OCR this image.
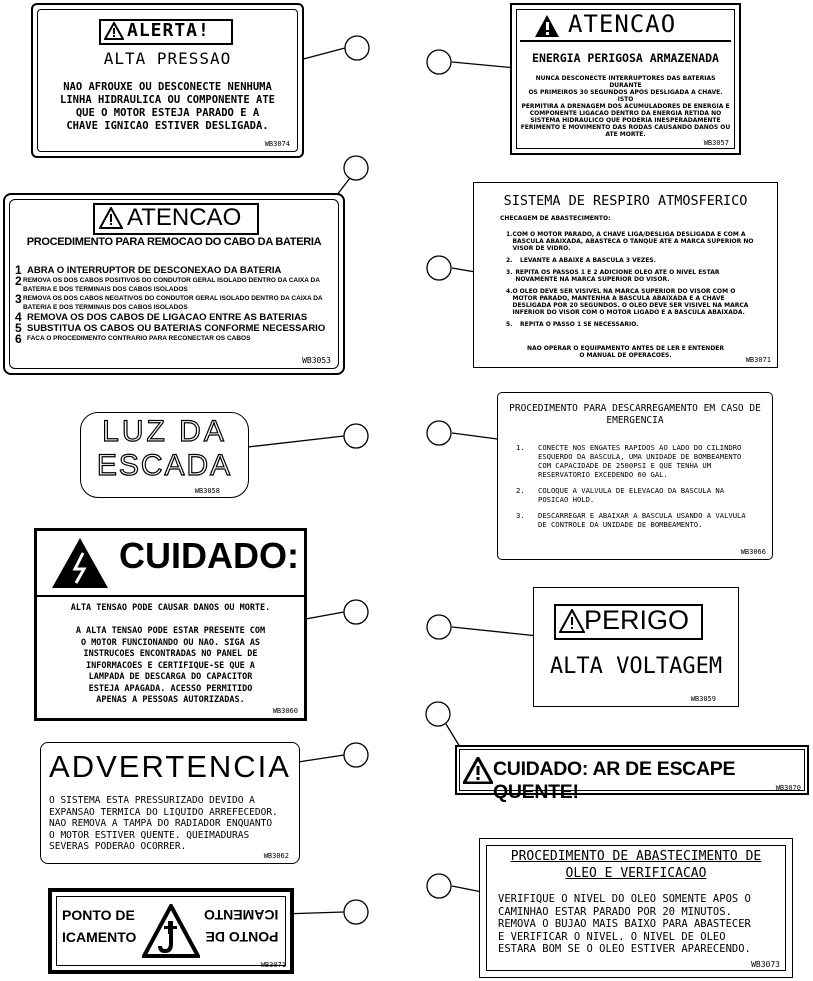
ALERTA!
ALTA PRESSAO
NAO AFROUXE OU DESCONECTE NENHUMA
LINHA HIDRAULICA OU COMPONENTE ATE
QUE O MOTOR ESTEJA PARADO E A
CHAVE IGNICAO ESTIVER DESLIGADA.
WB3074
ATENCAO
ENERGIA PERIGOSA ARMAZENADA
NUNCA DESCONECTE INTERRUPTORES DAS BATERIAS DURANTE
OS PRIMEIROS 30 SEGUNDOS APOS DESLIGADA A CHAVE. ISTO
PERMITIRA A DRENAGEM DOS ACUMULADORES DE ENERGIA E
COMPONENTE LIGACAO DENTRO DA ENERGIA RETIDA NO
SISTEMA HIDRAULICO QUE PODERIA INESPERADAMENTE
FERIMENTO E MOVIMENTO DAS RODAS CAUSANDO DANOS OU
ATE MORTE.
WB3057
ATENCAO
PROCEDIMENTO PARA REMOCAO DO CABO DA BATERIA
1 ABRA O INTERRUPTOR DE DESCONEXAO DA BATERIA
2 REMOVA OS DOS CABOS POSITIVOS DO CONDUTOR GERAL ISOLADO DENTRO DA CAIXA DA BATERIA E DOS TERMINAIS DOS CABOS ISOLADOS
3 REMOVA OS DOS CABOS NEGATIVOS DO CONDUTOR GERAL ISOLADO DENTRO DA CAIXA DA BATERIA E DOS TERMINAIS DOS CABOS ISOLADOS
4 REMOVA OS DOS CABOS DE LIGACAO ENTRE AS BATERIAS
5 SUBSTITUA OS CABOS OU BATERIAS CONFORME NECESSARIO
6 FACA O PROCEDIMENTO CONTRARIO PARA RECONECTAR OS CABOS
WB3053
SISTEMA DE RESPIRO ATMOSFERICO
CHECAGEM DE ABASTECIMENTO:
1. COM O MOTOR PARADO, A CHAVE LIGA/DESLIGA DESLIGADA E COM A BASCULA ABAIXADA, ABASTECA O TANQUE ATE A MARCA SUPERIOR NO VISOR DE VIDRO.
2.	LEVANTE A ABAIXE A BASCULA 3 VEZES.
3. REPITA OS PASSOS 1 E 2 ADICIONE OLEO ATE O NIVEL ESTAR NOVAMENTE NA MARCA SUPERIOR DO VISOR.
4. O OLEO DEVE SER VISIVEL NA MARCA SUPERIOR DO VISOR COM O MOTOR PARADO, MANTENHA A BASCULA ABAIXADA E A CHAVE DESLIGADA POR 20 SEGUNDOS. O OLEO DEVE SER VISIVEL NA MARCA INFERIOR DO VISOR COM O MOTOR LIGADO E A BASCULA ABAIXADA.
5.	REPITA O PASSO 1 SE NECESSARIO.
NAO OPERAR O EQUIPAMENTO ANTES DE LER E ENTENDER O MANUAL DE OPERACOES.
WB3071
LUZ DA
ESCADA
WB3058
PROCEDIMENTO PARA DESCARREGAMENTO EM CASO DE EMERGENCIA
1.	CONECTE NOS ENGATES RAPIDOS AO LADO DO CILINDRO ESQUERDO DA BASCULA, UMA UNIDADE DE BOMBEAMENTO COM CAPACIDADE DE 2500PSI E QUE TENHA UM RESERVATORIO EXCEDENDO 60 GAL.
2.	COLOQUE A VALVULA DE ELEVACAO DA BASCULA NA POSICAO HOLD.
3.	DESCARREGAR E ABAIXAR A BASCULA USANDO A VALVULA DE CONTROLE DA UNIDADE DE BOMBEAMENTO.
WB3066
CUIDADO:
ALTA TENSAO PODE CAUSAR DANOS OU MORTE.
A ALTA TENSAO PODE ESTAR PRESENTE COM
O MOTOR FUNCIONANDO OU NAO. SIGA AS
INSTRUCOES ENCONTRADAS NO PANEL DE
INFORMACOES E CERTIFIQUE-SE QUE A
LAMPADA DE DESCARGA DO CAPACITOR
ESTEJA APAGADA. ACESSO PERMITIDO
APENAS A PESSOAS AUTORIZADAS.
WB3060
PERIGO
ALTA VOLTAGEM
WB3059
CUIDADO: AR DE ESCAPE QUENTE!	WB3070
ADVERTENCIA
O SISTEMA ESTA PRESSURIZADO DEVIDO A
EXPANSAO TERMICA DO LIQUIDO ARREFECEDOR.
NAO REMOVA A TAMPA DO RADIADOR ENQUANTO
O MOTOR ESTIVER QUENTE. QUEIMADURAS
SEVERAS PODERAO OCORRER.
WB3062	PROCEDIMENTO DE ABASTECIMENTO DE
OLEO E VERIFICACAO
VERIFIQUE O NIVEL DO OLEO SOMENTE APOS O
CAMINHAO ESTAR PARADO POR 20 MINUTOS.
REMOVA O BUJAO MAIS BAIXO PARA ABASTECER
E VERIFICAR O NIVEL. O NIVEL DE OLEO
ESTARA BOM SE O OLEO ESTIVER APARECENDO.
WB3073
PONTO DE
ICAMENTO	PONTO DE
ICAMENTO
WB3071
